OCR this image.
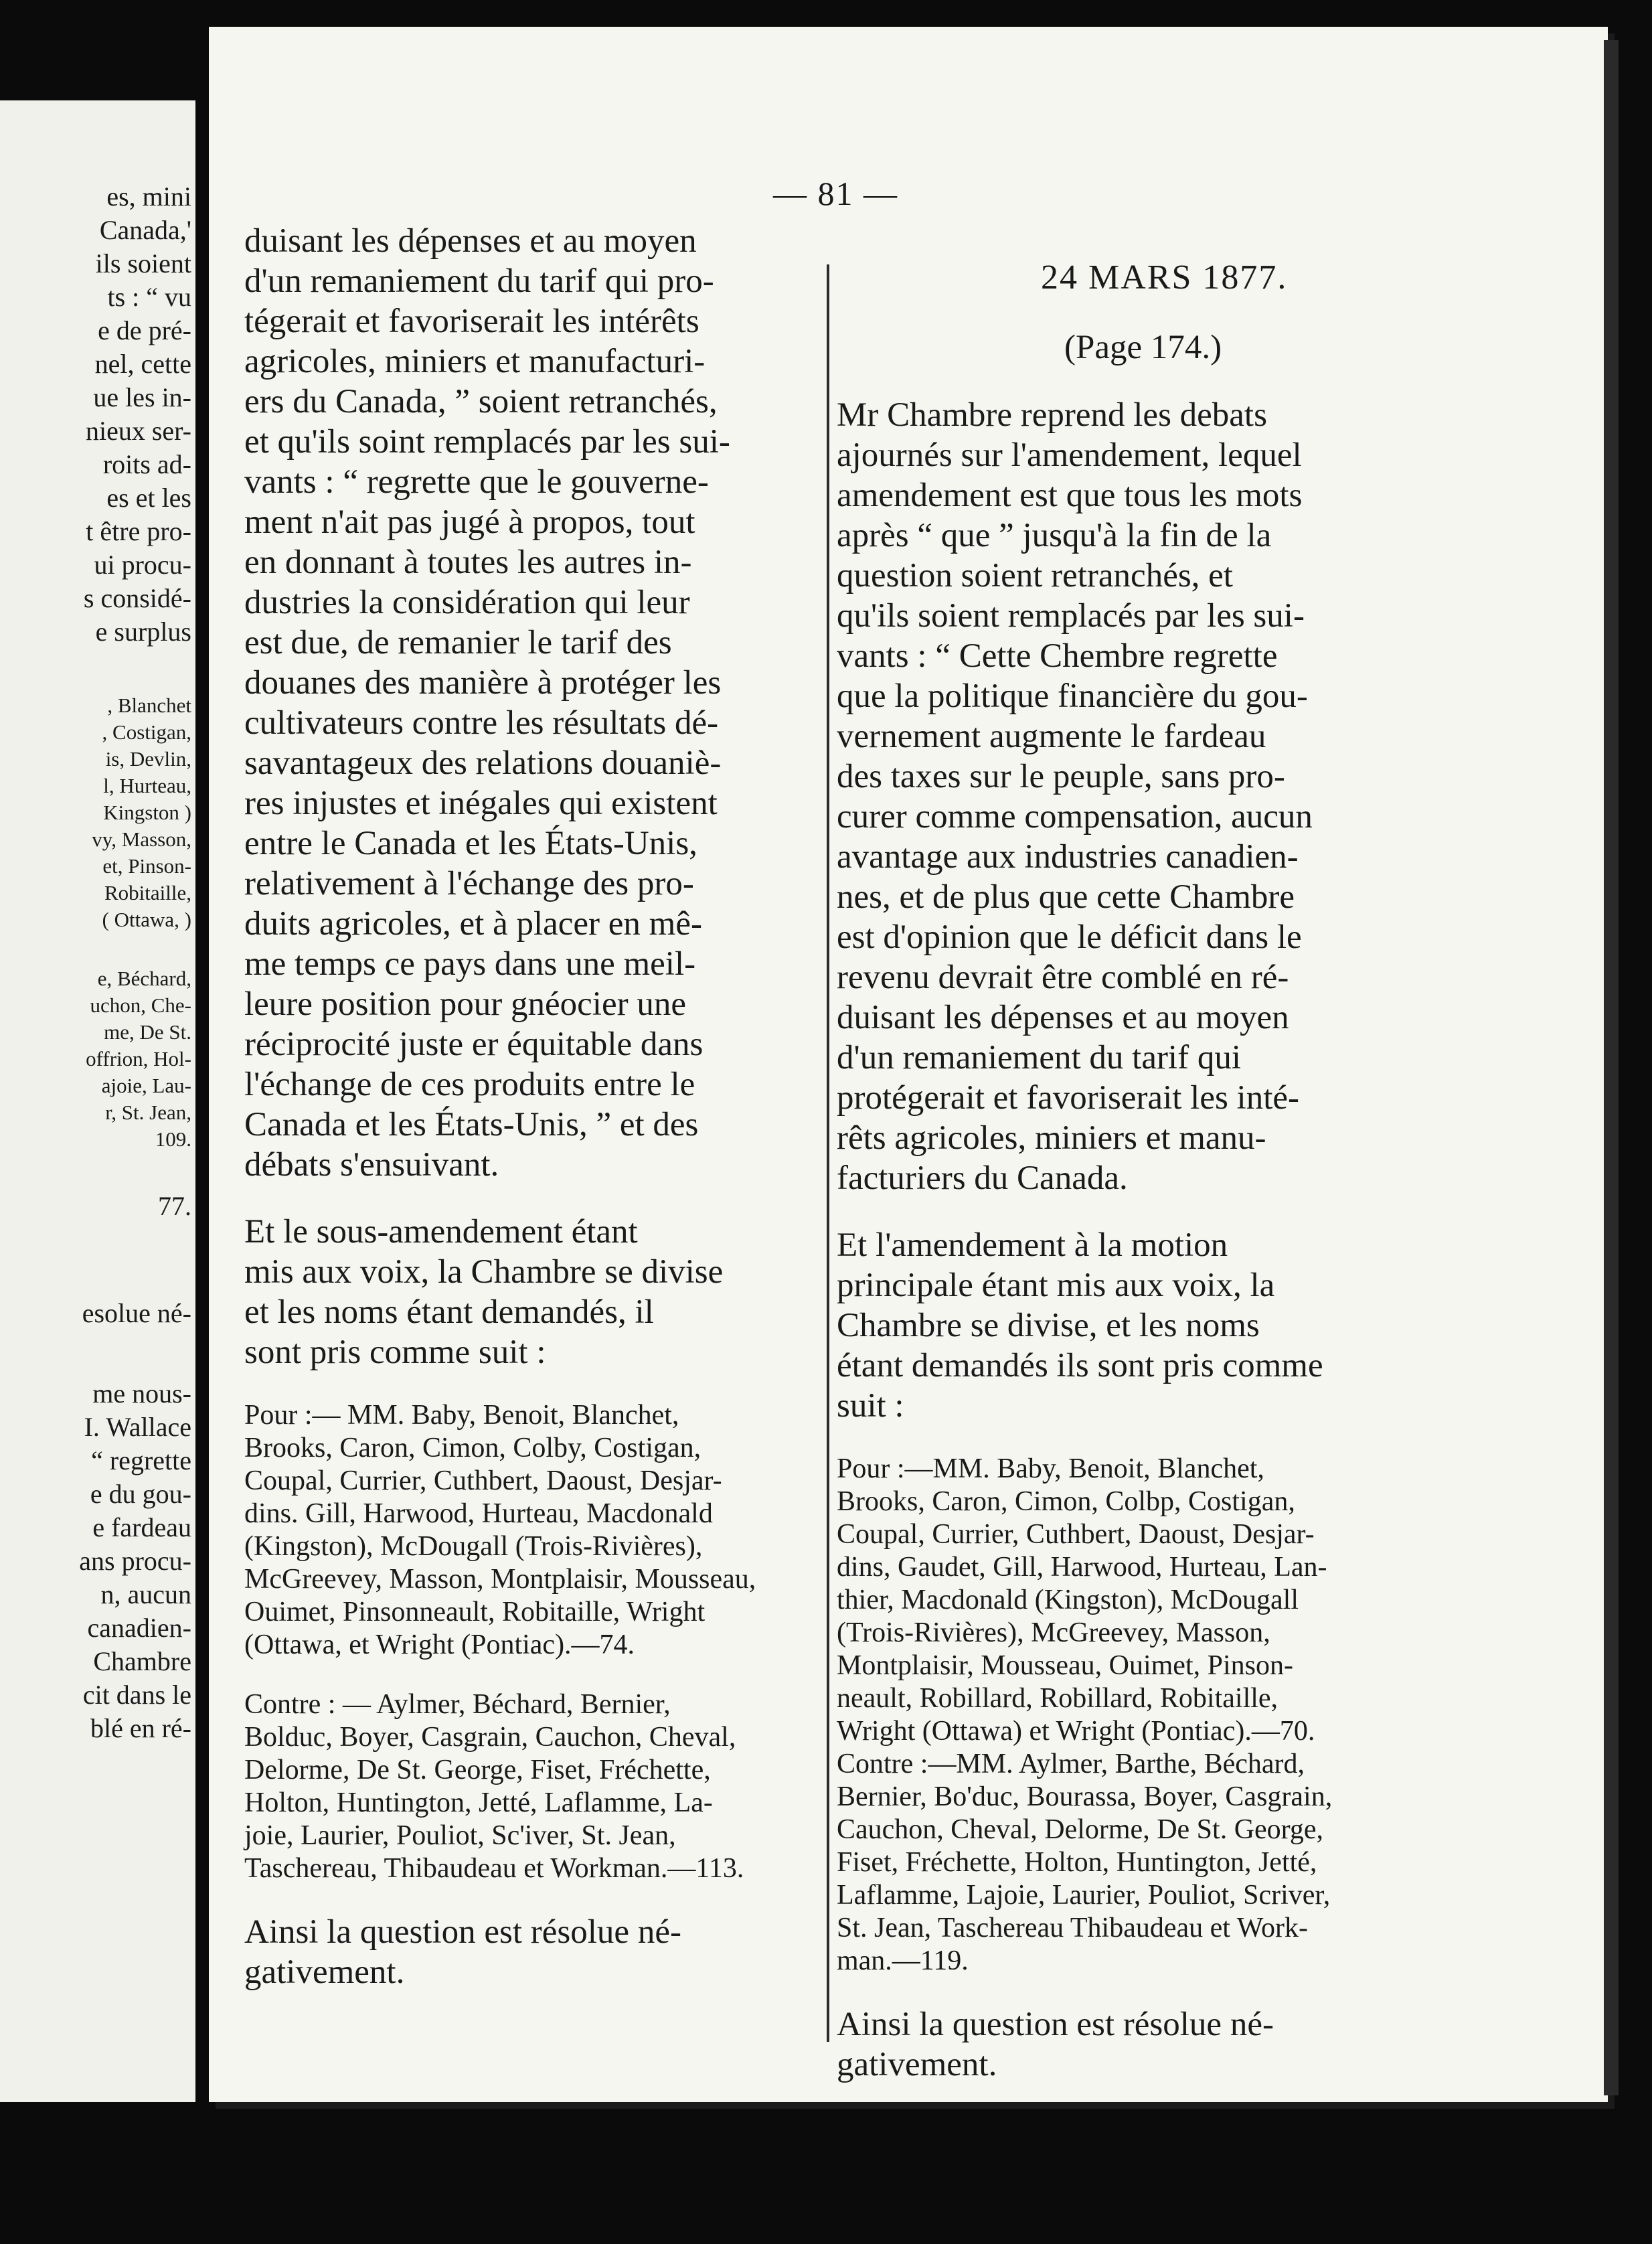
es, mini
Canada,'
ils soient
ts : “ vu
e de pré-
nel, cette
ue les in-
nieux ser-
roits ad-
es et les
t être pro-
ui procu-
s considé-
e surplus
, Blanchet
, Costigan,
is, Devlin,
l, Hurteau,
Kingston )
vy, Masson,
et, Pinson-
Robitaille,
( Ottawa, )
e, Béchard,
uchon, Che-
me, De St.
offrion, Hol-
ajoie, Lau-
r, St. Jean,
109.
77.
esolue né-
me nous-
I. Wallace
“ regrette
e du gou-
e fardeau
ans procu-
n, aucun
canadien-
Chambre
cit dans le
blé en ré-
— 81 —
duisant les dépenses et au moyen
d'un remaniement du tarif qui pro-
tégerait et favoriserait les intérêts
agricoles, miniers et manufacturi-
ers du Canada, ” soient retranchés,
et qu'ils soint remplacés par les sui-
vants : “ regrette que le gouverne-
ment n'ait pas jugé à propos, tout
en donnant à toutes les autres in-
dustries la considération qui leur
est due, de remanier le tarif des
douanes des manière à protéger les
cultivateurs contre les résultats dé-
savantageux des relations douaniè-
res injustes et inégales qui existent
entre le Canada et les États-Unis,
relativement à l'échange des pro-
duits agricoles, et à placer en mê-
me temps ce pays dans une meil-
leure position pour gnéocier une
réciprocité juste er équitable dans
l'échange de ces produits entre le
Canada et les États-Unis, ” et des
débats s'ensuivant.
Et le sous-amendement étant
mis aux voix, la Chambre se divise
et les noms étant demandés, il
sont pris comme suit :
Pour :— MM. Baby, Benoit, Blanchet,
Brooks, Caron, Cimon, Colby, Costigan,
Coupal, Currier, Cuthbert, Daoust, Desjar-
dins. Gill, Harwood, Hurteau, Macdonald
(Kingston), McDougall (Trois-Rivières),
McGreevey, Masson, Montplaisir, Mousseau,
Ouimet, Pinsonneault, Robitaille, Wright
(Ottawa, et Wright (Pontiac).—74.
Contre : — Aylmer, Béchard, Bernier,
Bolduc, Boyer, Casgrain, Cauchon, Cheval,
Delorme, De St. George, Fiset, Fréchette,
Holton, Huntington, Jetté, Laflamme, La-
joie, Laurier, Pouliot, Sc'iver, St. Jean,
Taschereau, Thibaudeau et Workman.—113.
Ainsi la question est résolue né-
gativement.
24 MARS 1877.
(Page 174.)
Mr Chambre reprend les debats
ajournés sur l'amendement, lequel
amendement est que tous les mots
après “ que ” jusqu'à la fin de la
question soient retranchés, et
qu'ils soient remplacés par les sui-
vants : “ Cette Chembre regrette
que la politique financière du gou-
vernement augmente le fardeau
des taxes sur le peuple, sans pro-
curer comme compensation, aucun
avantage aux industries canadien-
nes, et de plus que cette Chambre
est d'opinion que le déficit dans le
revenu devrait être comblé en ré-
duisant les dépenses et au moyen
d'un remaniement du tarif qui
protégerait et favoriserait les inté-
rêts agricoles, miniers et manu-
facturiers du Canada.
Et l'amendement à la motion
principale étant mis aux voix, la
Chambre se divise, et les noms
étant demandés ils sont pris comme
suit :
Pour :—MM. Baby, Benoit, Blanchet,
Brooks, Caron, Cimon, Colbp, Costigan,
Coupal, Currier, Cuthbert, Daoust, Desjar-
dins, Gaudet, Gill, Harwood, Hurteau, Lan-
thier, Macdonald (Kingston), McDougall
(Trois-Rivières), McGreevey, Masson,
Montplaisir, Mousseau, Ouimet, Pinson-
neault, Robillard, Robillard, Robitaille,
Wright (Ottawa) et Wright (Pontiac).—70.
Contre :—MM. Aylmer, Barthe, Béchard,
Bernier, Bo'duc, Bourassa, Boyer, Casgrain,
Cauchon, Cheval, Delorme, De St. George,
Fiset, Fréchette, Holton, Huntington, Jetté,
Laflamme, Lajoie, Laurier, Pouliot, Scriver,
St. Jean, Taschereau Thibaudeau et Work-
man.—119.
Ainsi la question est résolue né-
gativement.
